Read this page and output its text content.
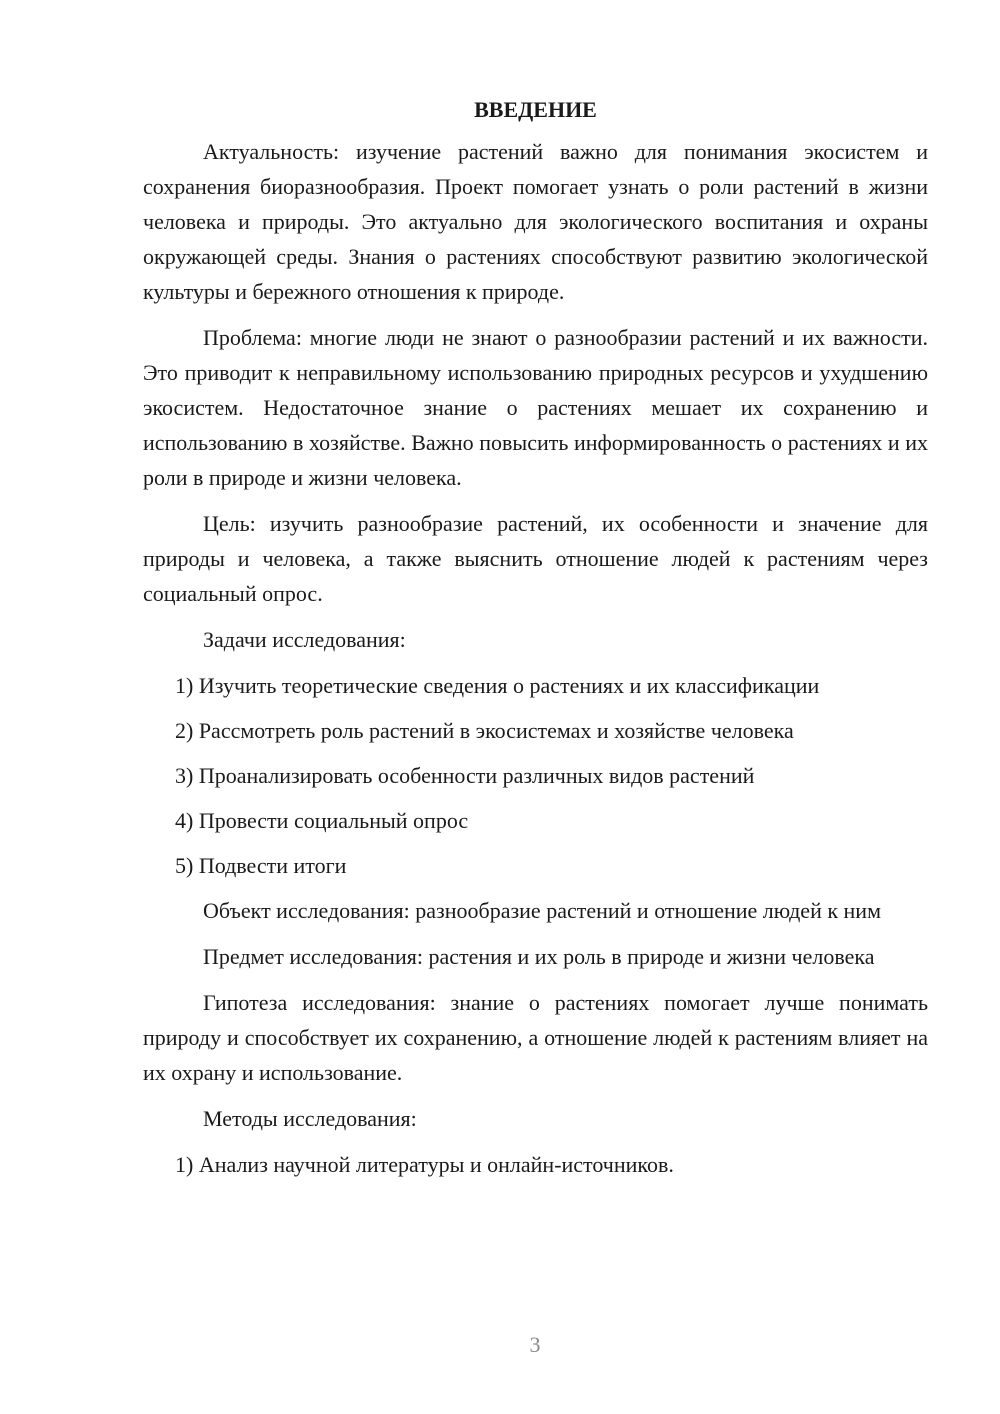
ВВЕДЕНИЕ

Актуальность: изучение растений важно для понимания экосистем и сохранения биоразнообразия. Проект помогает узнать о роли растений в жизни человека и природы. Это актуально для экологического воспитания и охраны окружающей среды. Знания о растениях способствуют развитию экологической культуры и бережного отношения к природе.

Проблема: многие люди не знают о разнообразии растений и их важности. Это приводит к неправильному использованию природных ресурсов и ухудшению экосистем. Недостаточное знание о растениях мешает их сохранению и использованию в хозяйстве. Важно повысить информированность о растениях и их роли в природе и жизни человека.

Цель: изучить разнообразие растений, их особенности и значение для природы и человека, а также выяснить отношение людей к растениям через социальный опрос.

Задачи исследования:

1) Изучить теоретические сведения о растениях и их классификации

2) Рассмотреть роль растений в экосистемах и хозяйстве человека

3) Проанализировать особенности различных видов растений

4) Провести социальный опрос

5) Подвести итоги

Объект исследования: разнообразие растений и отношение людей к ним

Предмет исследования: растения и их роль в природе и жизни человека

Гипотеза исследования: знание о растениях помогает лучше понимать природу и способствует их сохранению, а отношение людей к растениям влияет на их охрану и использование.

Методы исследования:

1) Анализ научной литературы и онлайн-источников.

3
